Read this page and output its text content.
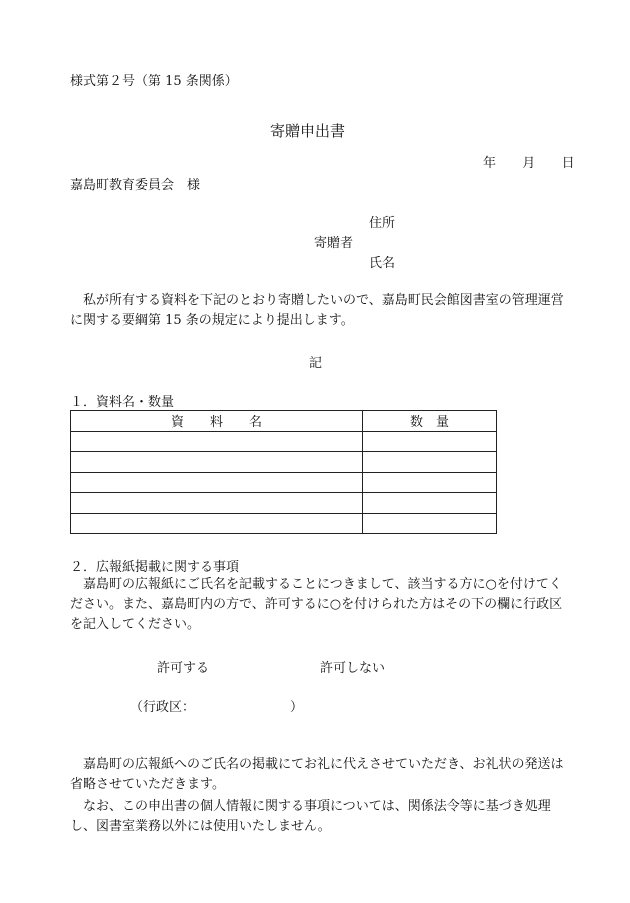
様式第２号（第 15 条関係）
寄贈申出書
年 月 日
嘉島町教育委員会　様
住所
寄贈者
氏名
　私が所有する資料を下記のとおり寄贈したいので、嘉島町民会館図書室の管理運営に関する要綱第 15 条の規定により提出します。
記
１．資料名・数量
資　　料　　名	数　量

２．広報紙掲載に関する事項
　嘉島町の広報紙にご氏名を記載することにつきまして、該当する方に○を付けてください。また、嘉島町内の方で、許可するに○を付けられた方はその下の欄に行政区を記入してください。
許可する	許可しない
（行政区：	）
　嘉島町の広報紙へのご氏名の掲載にてお礼に代えさせていただき、お礼状の発送は省略させていただきます。
　なお、この申出書の個人情報に関する事項については、関係法令等に基づき処理し、図書室業務以外には使用いたしません。
